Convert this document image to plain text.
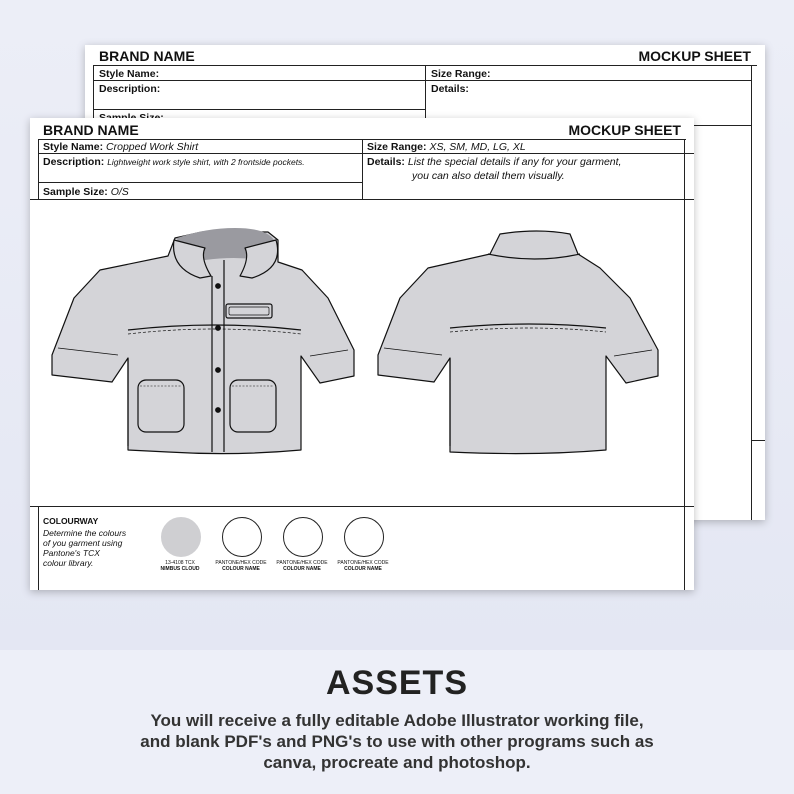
BRAND NAME	MOCKUP SHEET
Style Name:
Description:
Size Range:
Details:
BRAND NAME	MOCKUP SHEET
Style Name: Cropped Work Shirt
Description: Lightweight work style shirt, with 2 frontside pockets.
Sample Size: O/S
Size Range: XS, SM, MD, LG, XL
Details: List the special details if any for your garment,
you can also detail them visually.
COLOURWAY
Determine the colours
of you garment using
Pantone's TCX
colour library.	13-4108 TCX
NIMBUS CLOUD
PANTONE/HEX CODE
COLOUR NAME
PANTONE/HEX CODE
COLOUR NAME
PANTONE/HEX CODE
COLOUR NAME
ASSETS

You will receive a fully editable Adobe Illustrator working file,
and blank PDF's and PNG's to use with other programs such as
canva, procreate and photoshop.
